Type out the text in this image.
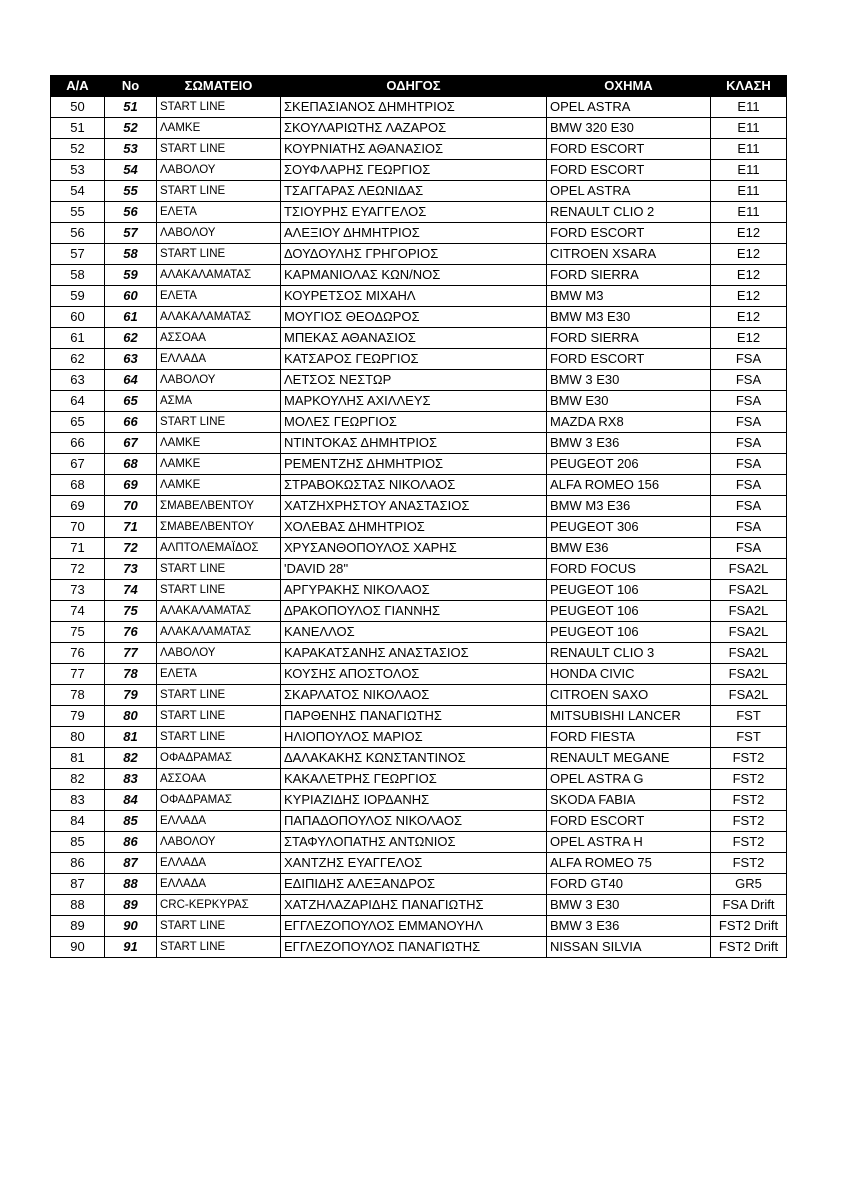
Α/Α	No	ΣΩΜΑΤΕΙΟ	ΟΔΗΓΟΣ	ΟΧΗΜΑ	ΚΛΑΣΗ
50	51	START LINE	ΣΚΕΠΑΣΙΑΝΟΣ ΔΗΜΗΤΡΙΟΣ	OPEL ASTRA	E11
51	52	ΛΑΜΚΕ	ΣΚΟΥΛΑΡΙΩΤΗΣ ΛΑΖΑΡΟΣ	BMW 320 E30	E11
52	53	START LINE	ΚΟΥΡΝΙΑΤΗΣ ΑΘΑΝΑΣΙΟΣ	FORD ESCORT	E11
53	54	ΛΑΒΟΛΟΥ	ΣΟΥΦΛΑΡΗΣ ΓΕΩΡΓΙΟΣ	FORD ESCORT	E11
54	55	START LINE	ΤΣΑΓΓΑΡΑΣ ΛΕΩΝΙΔΑΣ	OPEL ASTRA	E11
55	56	ΕΛΕΤΑ	ΤΣΙΟΥΡΗΣ ΕΥΑΓΓΕΛΟΣ	RENAULT CLIO 2	E11
56	57	ΛΑΒΟΛΟΥ	ΑΛΕΞΙΟΥ ΔΗΜΗΤΡΙΟΣ	FORD ESCORT	E12
57	58	START LINE	ΔΟΥΔΟΥΛΗΣ ΓΡΗΓΟΡΙΟΣ	CITROEN XSARA	E12
58	59	ΑΛΑΚΑΛΑΜΑΤΑΣ	ΚΑΡΜΑΝΙΟΛΑΣ ΚΩΝ/ΝΟΣ	FORD SIERRA	E12
59	60	ΕΛΕΤΑ	ΚΟΥΡΕΤΣΟΣ ΜΙΧΑΗΛ	BMW M3	E12
60	61	ΑΛΑΚΑΛΑΜΑΤΑΣ	ΜΟΥΓΙΟΣ ΘΕΟΔΩΡΟΣ	BMW M3 E30	E12
61	62	ΑΣΣΟΑΑ	ΜΠΕΚΑΣ ΑΘΑΝΑΣΙΟΣ	FORD SIERRA	E12
62	63	ΕΛΛΑΔΑ	ΚΑΤΣΑΡΟΣ ΓΕΩΡΓΙΟΣ	FORD ESCORT	FSA
63	64	ΛΑΒΟΛΟΥ	ΛΕΤΣΟΣ ΝΕΣΤΩΡ	BMW 3 E30	FSA
64	65	ΑΣΜΑ	ΜΑΡΚΟΥΛΗΣ ΑΧΙΛΛΕΥΣ	BMW E30	FSA
65	66	START LINE	ΜΟΛΕΣ ΓΕΩΡΓΙΟΣ	MAZDA RX8	FSA
66	67	ΛΑΜΚΕ	ΝΤΙΝΤΟΚΑΣ ΔΗΜΗΤΡΙΟΣ	BMW 3 E36	FSA
67	68	ΛΑΜΚΕ	ΡΕΜΕΝΤΖΗΣ ΔΗΜΗΤΡΙΟΣ	PEUGEOT 206	FSA
68	69	ΛΑΜΚΕ	ΣΤΡΑΒΟΚΩΣΤΑΣ ΝΙΚΟΛΑΟΣ	ALFA ROMEO 156	FSA
69	70	ΣΜΑΒΕΛΒΕΝΤΟΥ	ΧΑΤΖΗΧΡΗΣΤΟΥ ΑΝΑΣΤΑΣΙΟΣ	BMW M3 E36	FSA
70	71	ΣΜΑΒΕΛΒΕΝΤΟΥ	ΧΟΛΕΒΑΣ ΔΗΜΗΤΡΙΟΣ	PEUGEOT 306	FSA
71	72	ΑΛΠΤΟΛΕΜΑΪΔΟΣ	ΧΡΥΣΑΝΘΟΠΟΥΛΟΣ ΧΑΡΗΣ	BMW E36	FSA
72	73	START LINE	'DAVID 28''	FORD FOCUS	FSA2L
73	74	START LINE	ΑΡΓΥΡΑΚΗΣ ΝΙΚΟΛΑΟΣ	PEUGEOT 106	FSA2L
74	75	ΑΛΑΚΑΛΑΜΑΤΑΣ	ΔΡΑΚΟΠΟΥΛΟΣ ΓΙΑΝΝΗΣ	PEUGEOT 106	FSA2L
75	76	ΑΛΑΚΑΛΑΜΑΤΑΣ	ΚΑΝΕΛΛΟΣ	PEUGEOT 106	FSA2L
76	77	ΛΑΒΟΛΟΥ	ΚΑΡΑΚΑΤΣΑΝΗΣ ΑΝΑΣΤΑΣΙΟΣ	RENAULT CLIO 3	FSA2L
77	78	ΕΛΕΤΑ	ΚΟΥΣΗΣ ΑΠΟΣΤΟΛΟΣ	HONDA CIVIC	FSA2L
78	79	START LINE	ΣΚΑΡΛΑΤΟΣ ΝΙΚΟΛΑΟΣ	CITROEN SAXO	FSA2L
79	80	START LINE	ΠΑΡΘΕΝΗΣ ΠΑΝΑΓΙΩΤΗΣ	MITSUBISHI LANCER	FST
80	81	START LINE	ΗΛΙΟΠΟΥΛΟΣ ΜΑΡΙΟΣ	FORD FIESTA	FST
81	82	ΟΦΑΔΡΑΜΑΣ	ΔΑΛΑΚΑΚΗΣ ΚΩΝΣΤΑΝΤΙΝΟΣ	RENAULT MEGANE	FST2
82	83	ΑΣΣΟΑΑ	ΚΑΚΑΛΕΤΡΗΣ ΓΕΩΡΓΙΟΣ	OPEL ASTRA G	FST2
83	84	ΟΦΑΔΡΑΜΑΣ	ΚΥΡΙΑΖΙΔΗΣ ΙΟΡΔΑΝΗΣ	SKODA FABIA	FST2
84	85	ΕΛΛΑΔΑ	ΠΑΠΑΔΟΠΟΥΛΟΣ ΝΙΚΟΛΑΟΣ	FORD ESCORT	FST2
85	86	ΛΑΒΟΛΟΥ	ΣΤΑΦΥΛΟΠΑΤΗΣ ΑΝΤΩΝΙΟΣ	OPEL ASTRA H	FST2
86	87	ΕΛΛΑΔΑ	ΧΑΝΤΖΗΣ ΕΥΑΓΓΕΛΟΣ	ALFA ROMEO 75	FST2
87	88	ΕΛΛΑΔΑ	ΕΔΙΠΙΔΗΣ ΑΛΕΞΑΝΔΡΟΣ	FORD GT40	GR5
88	89	CRC-ΚΕΡΚΥΡΑΣ	ΧΑΤΖΗΛΑΖΑΡΙΔΗΣ ΠΑΝΑΓΙΩΤΗΣ	BMW 3 E30	FSA Drift
89	90	START LINE	ΕΓΓΛΕΖΟΠΟΥΛΟΣ ΕΜΜΑΝΟΥΗΛ	BMW 3 E36	FST2 Drift
90	91	START LINE	ΕΓΓΛΕΖΟΠΟΥΛΟΣ ΠΑΝΑΓΙΩΤΗΣ	NISSAN SILVIA	FST2 Drift
